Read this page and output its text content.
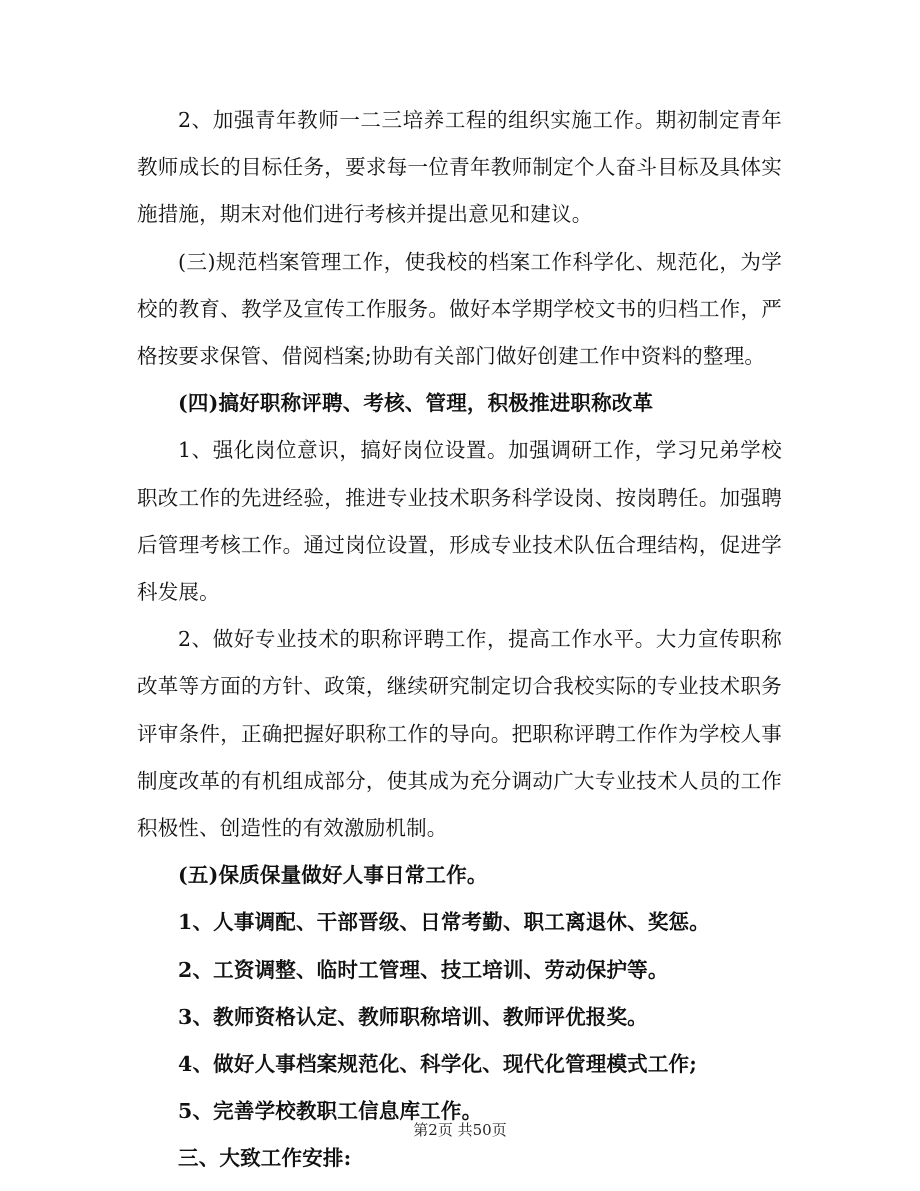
2、加强青年教师一二三培养工程的组织实施工作。期初制定青年教师成长的目标任务，要求每一位青年教师制定个人奋斗目标及具体实施措施，期末对他们进行考核并提出意见和建议。

(三)规范档案管理工作，使我校的档案工作科学化、规范化，为学校的教育、教学及宣传工作服务。做好本学期学校文书的归档工作，严格按要求保管、借阅档案;协助有关部门做好创建工作中资料的整理。

(四)搞好职称评聘、考核、管理，积极推进职称改革

1、强化岗位意识，搞好岗位设置。加强调研工作，学习兄弟学校职改工作的先进经验，推进专业技术职务科学设岗、按岗聘任。加强聘后管理考核工作。通过岗位设置，形成专业技术队伍合理结构，促进学科发展。

2、做好专业技术的职称评聘工作，提高工作水平。大力宣传职称改革等方面的方针、政策，继续研究制定切合我校实际的专业技术职务评审条件，正确把握好职称工作的导向。把职称评聘工作作为学校人事制度改革的有机组成部分，使其成为充分调动广大专业技术人员的工作积极性、创造性的有效激励机制。

(五)保质保量做好人事日常工作。

1、人事调配、干部晋级、日常考勤、职工离退休、奖惩。

2、工资调整、临时工管理、技工培训、劳动保护等。

3、教师资格认定、教师职称培训、教师评优报奖。

4、做好人事档案规范化、科学化、现代化管理模式工作;

5、完善学校教职工信息库工作。

三、大致工作安排:

第2页 共50页
